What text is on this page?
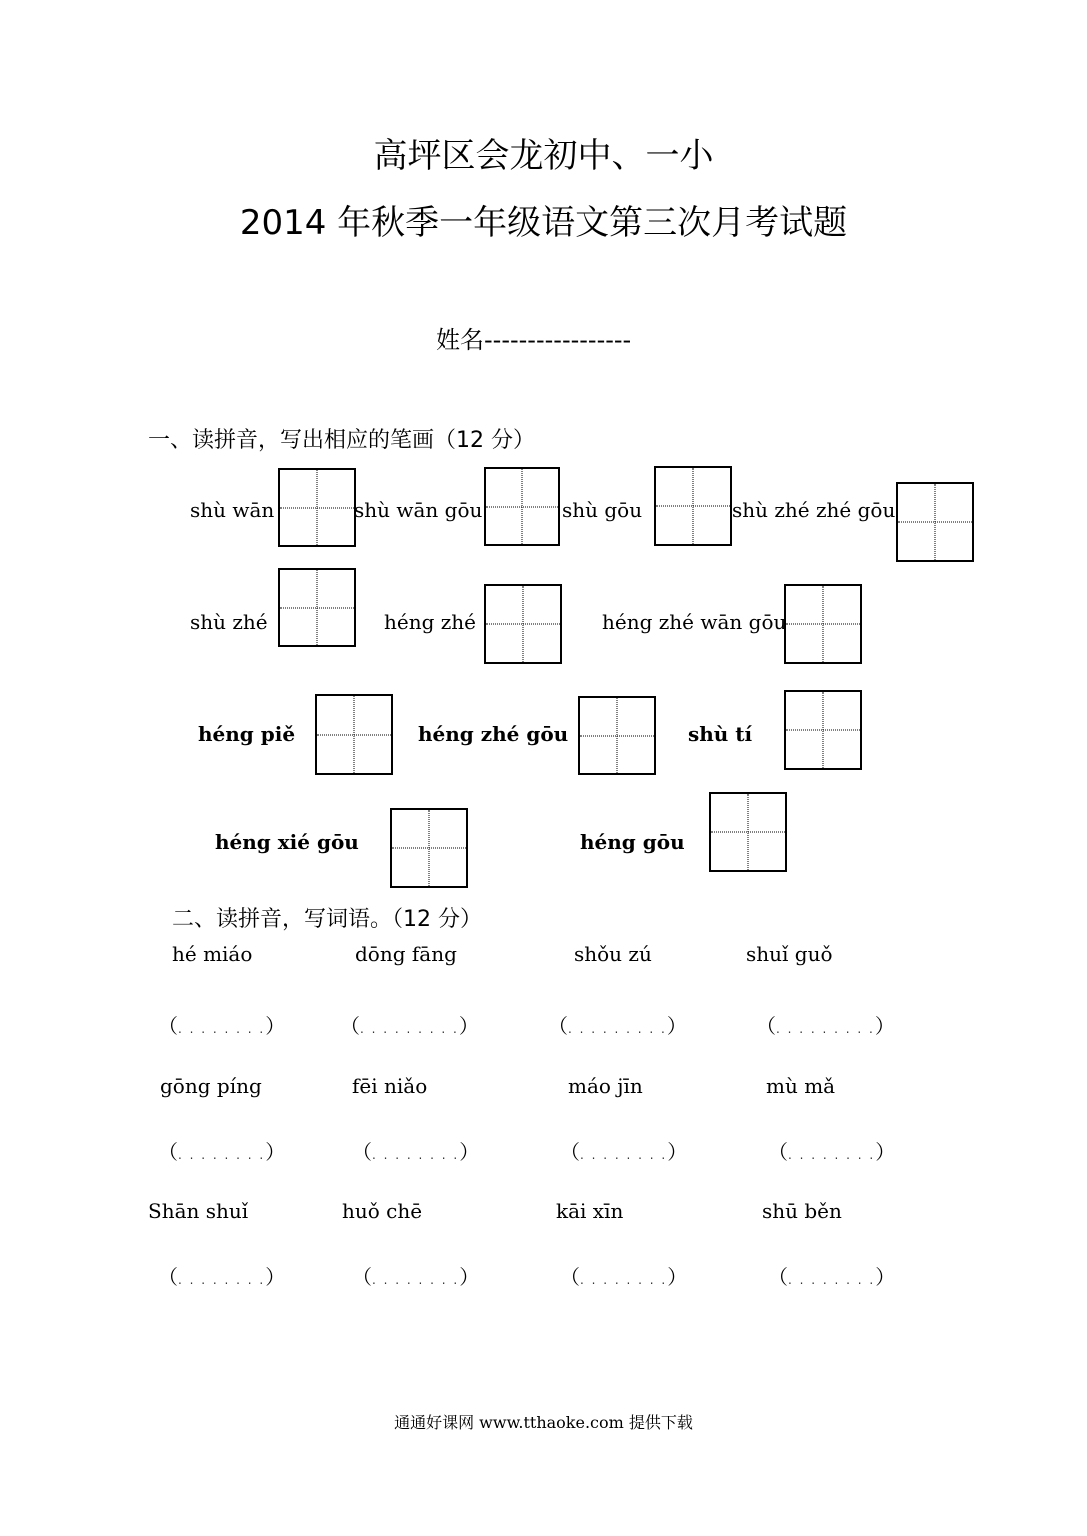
高坪区会龙初中、一小
2014 年秋季一年级语文第三次月考试题
姓名-----------------
一、读拼音，写出相应的笔画（12 分）
shù wān	shù wān gōu	shù gōu	shù zhé zhé gōu
shù zhé	héng zhé	héng zhé wān gōu
héng piě	héng zhé gōu	shù tí
héng xié gōu	héng gōu
二、读拼音，写词语。（12 分）
hé miáo	dōng fāng	shǒu zú	shuǐ guǒ
（. . . . . . . .）	（. . . . . . . . .）	（. . . . . . . . .）	（. . . . . . . . .）
gōng píng	fēi niǎo	máo jīn	mù mǎ
（. . . . . . . .）	（. . . . . . . .）	（. . . . . . . .）	（. . . . . . . .）
Shān shuǐ	huǒ chē	kāi xīn	shū běn
（. . . . . . . .）	（. . . . . . . .）	（. . . . . . . .）	（. . . . . . . .）
通通好课网 www.tthaoke.com 提供下载
